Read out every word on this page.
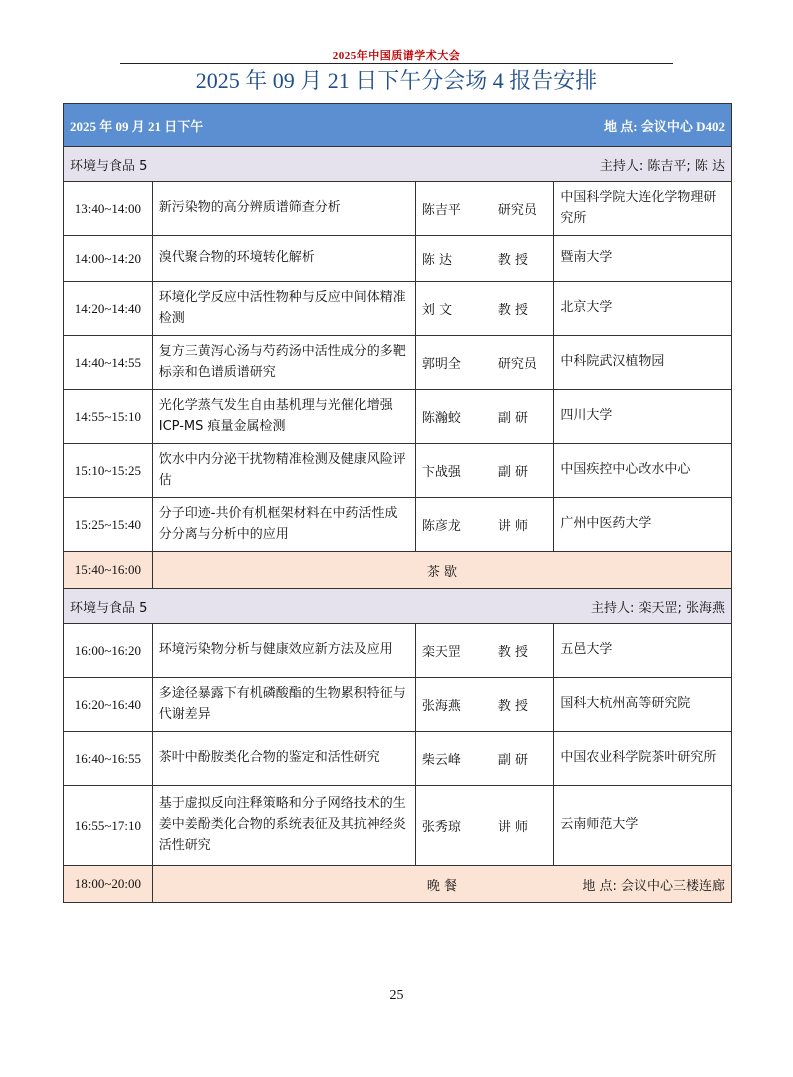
2025年中国质谱学术大会
2025 年 09 月 21 日下午分会场 4 报告安排
2025 年 09 月 21 日下午 地 点: 会议中心 D402			

环境与食品 5 主持人: 陈吉平; 陈 达			

13:40~14:00	新污染物的高分辨质谱筛查分析	陈吉平 研究员	中国科学院大连化学物理研究所
14:00~14:20	溴代聚合物的环境转化解析	陈 达 教 授	暨南大学
14:20~14:40	环境化学反应中活性物种与反应中间体精准检测	刘 文 教 授	北京大学
14:40~14:55	复方三黄泻心汤与芍药汤中活性成分的多靶标亲和色谱质谱研究	郭明全 研究员	中科院武汉植物园
14:55~15:10	光化学蒸气发生自由基机理与光催化增强 ICP-MS 痕量金属检测	陈瀚蛟 副 研	四川大学
15:10~15:25	饮水中内分泌干扰物精准检测及健康风险评估	卞战强 副 研	中国疾控中心改水中心
15:25~15:40	分子印迹-共价有机框架材料在中药活性成分分离与分析中的应用	陈彦龙 讲 师	广州中医药大学
15:40~16:00	茶 歇		

环境与食品 5 主持人: 栾天罡; 张海燕			

16:00~16:20	环境污染物分析与健康效应新方法及应用	栾天罡 教 授	五邑大学
16:20~16:40	多途径暴露下有机磷酸酯的生物累积特征与代谢差异	张海燕 教 授	国科大杭州高等研究院
16:40~16:55	茶叶中酚胺类化合物的鉴定和活性研究	柴云峰 副 研	中国农业科学院茶叶研究所
16:55~17:10	基于虚拟反向注释策略和分子网络技术的生姜中姜酚类化合物的系统表征及其抗神经炎活性研究	张秀琼 讲 师	云南师范大学
18:00~20:00	晚 餐 地 点: 会议中心三楼连廊		
25
